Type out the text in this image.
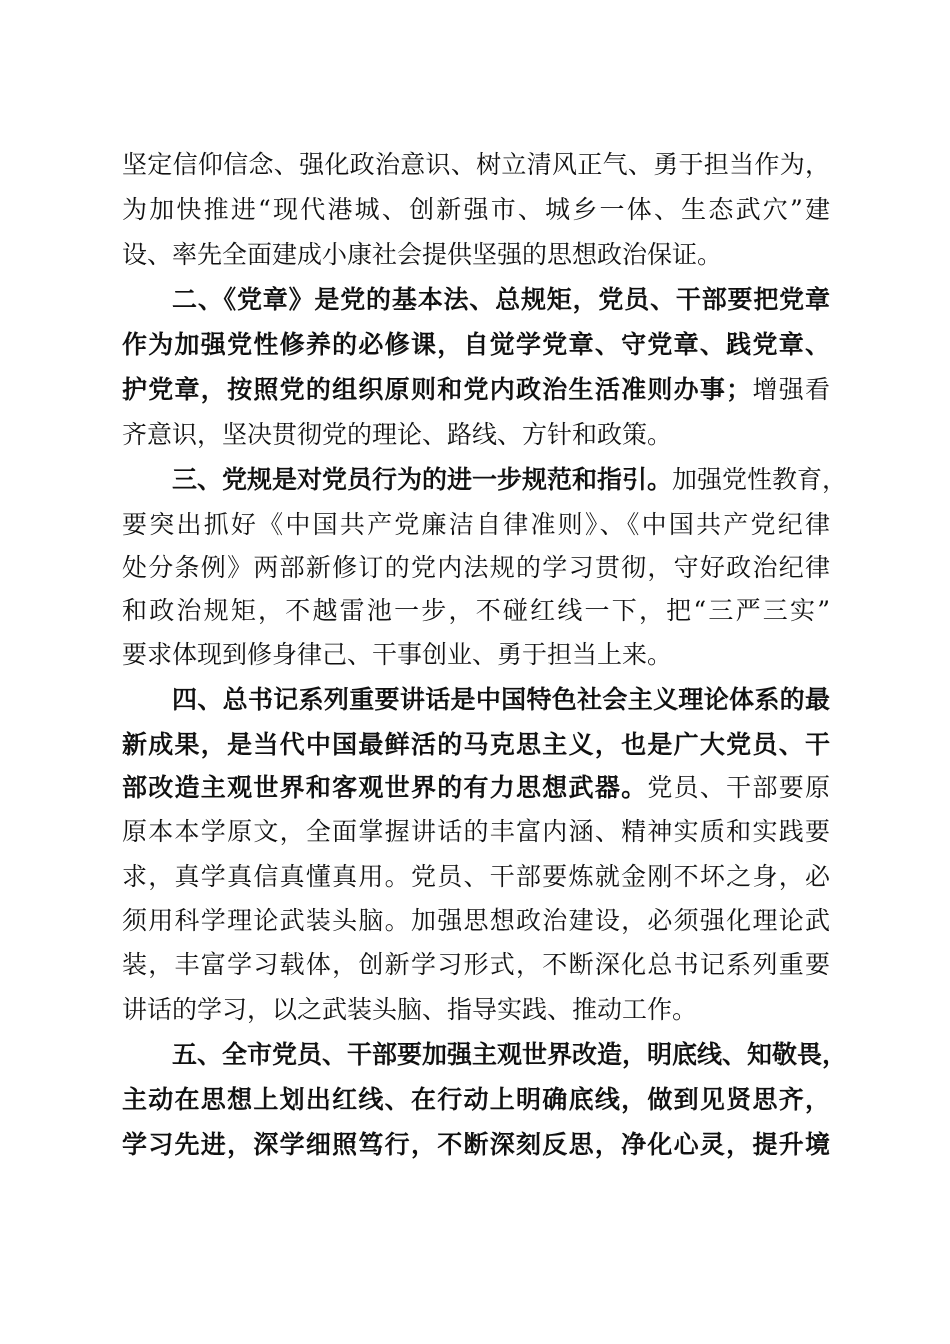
坚定信仰信念、强化政治意识、树立清风正气、勇于担当作为，
为加快推进“现代港城、创新强市、城乡一体、生态武穴”建
设、率先全面建成小康社会提供坚强的思想政治保证。
二、《党章》是党的基本法、总规矩，党员、干部要把党章
作为加强党性修养的必修课，自觉学党章、守党章、践党章、
护党章，按照党的组织原则和党内政治生活准则办事；增强看
齐意识，坚决贯彻党的理论、路线、方针和政策。
三、党规是对党员行为的进一步规范和指引。加强党性教育，
要突出抓好《中国共产党廉洁自律准则》、《中国共产党纪律
处分条例》两部新修订的党内法规的学习贯彻，守好政治纪律
和政治规矩，不越雷池一步，不碰红线一下，把“三严三实”
要求体现到修身律己、干事创业、勇于担当上来。
四、总书记系列重要讲话是中国特色社会主义理论体系的最
新成果，是当代中国最鲜活的马克思主义，也是广大党员、干
部改造主观世界和客观世界的有力思想武器。党员、干部要原
原本本学原文，全面掌握讲话的丰富内涵、精神实质和实践要
求，真学真信真懂真用。党员、干部要炼就金刚不坏之身，必
须用科学理论武装头脑。加强思想政治建设，必须强化理论武
装，丰富学习载体，创新学习形式，不断深化总书记系列重要
讲话的学习，以之武装头脑、指导实践、推动工作。
五、全市党员、干部要加强主观世界改造，明底线、知敬畏，
主动在思想上划出红线、在行动上明确底线，做到见贤思齐，
学习先进，深学细照笃行，不断深刻反思，净化心灵，提升境
